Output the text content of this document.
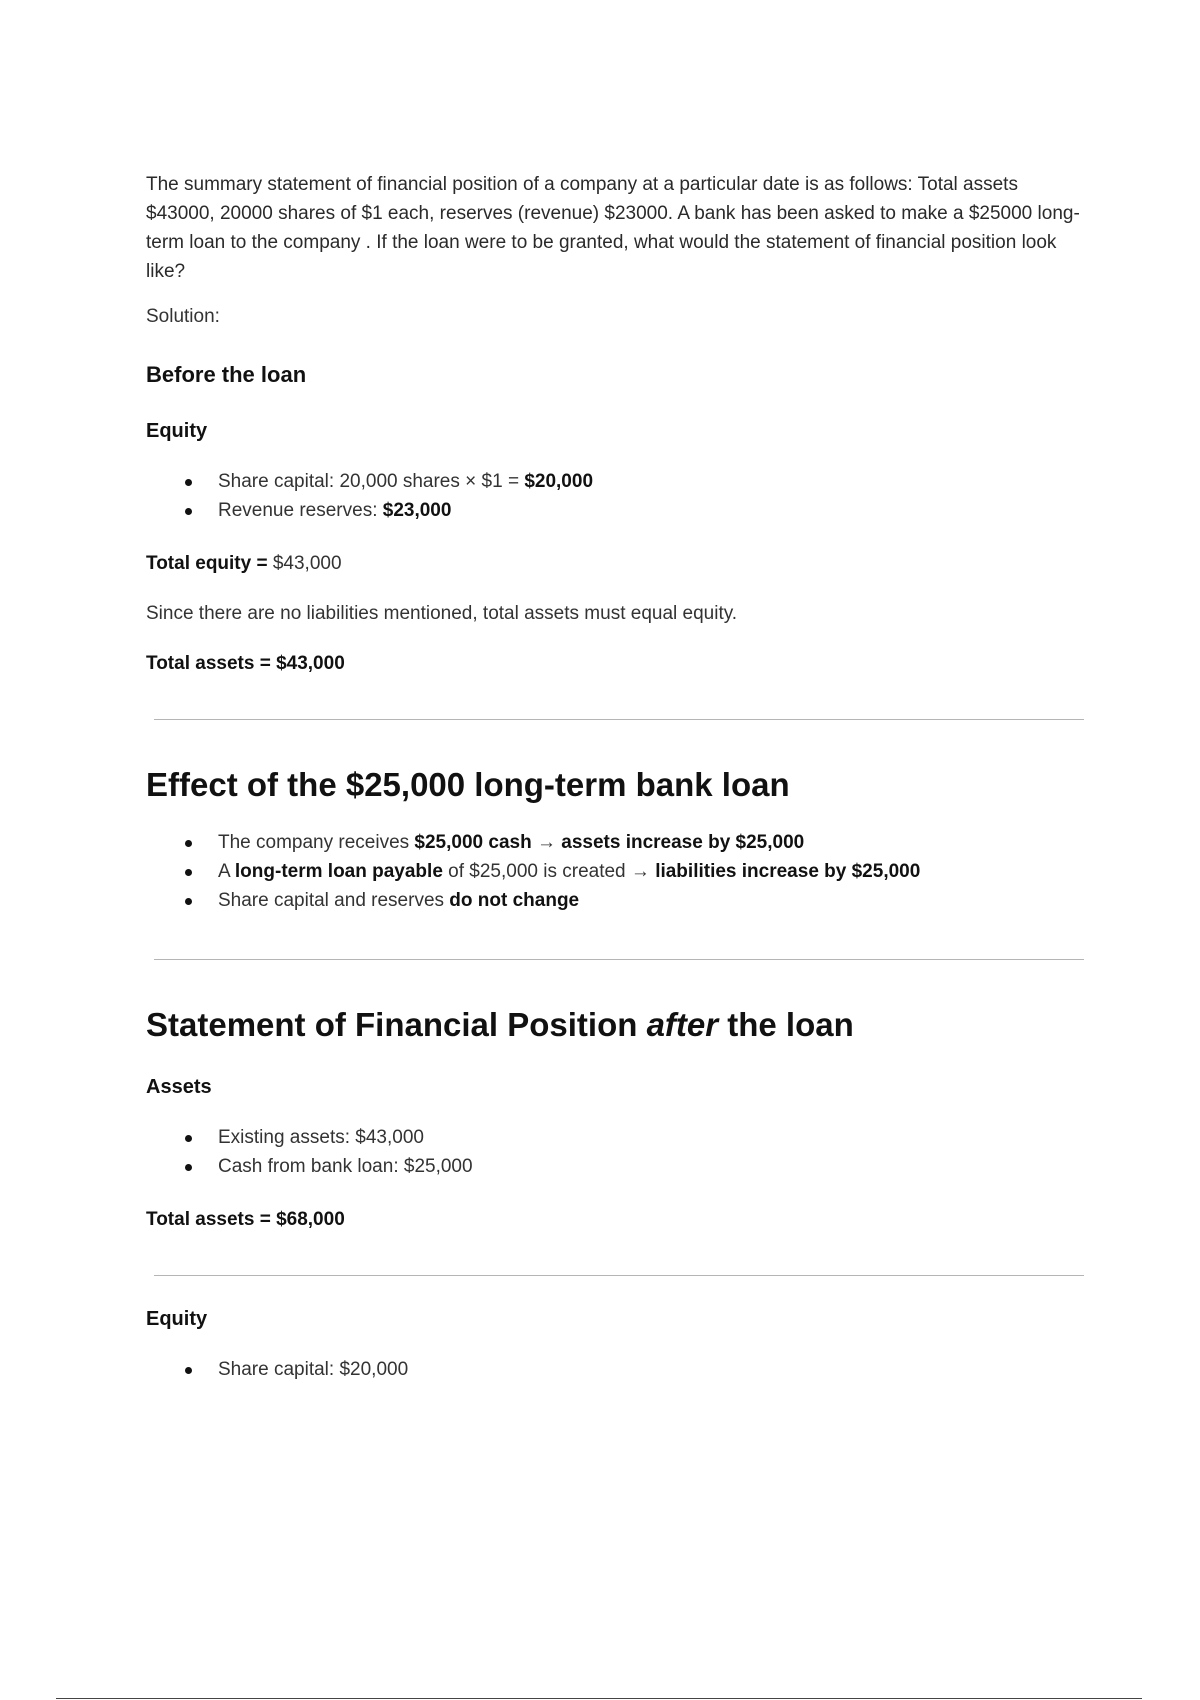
The summary statement of financial position of a company at a particular date is as follows: Total assets $43000, 20000 shares of $1 each, reserves (revenue) $23000. A bank has been asked to make a $25000 long-term loan to the company . If the loan were to be granted, what would the statement of financial position look like?

Solution:

Before the loan
Equity
Share capital: 20,000 shares × $1 = $20,000
Revenue reserves: $23,000

Total equity = $43,000

Since there are no liabilities mentioned, total assets must equal equity.

Total assets = $43,000

Effect of the $25,000 long-term bank loan
The company receives $25,000 cash → assets increase by $25,000
A long-term loan payable of $25,000 is created → liabilities increase by $25,000
Share capital and reserves do not change
Statement of Financial Position after the loan
Assets
Existing assets: $43,000
Cash from bank loan: $25,000

Total assets = $68,000

Equity
Share capital: $20,000
